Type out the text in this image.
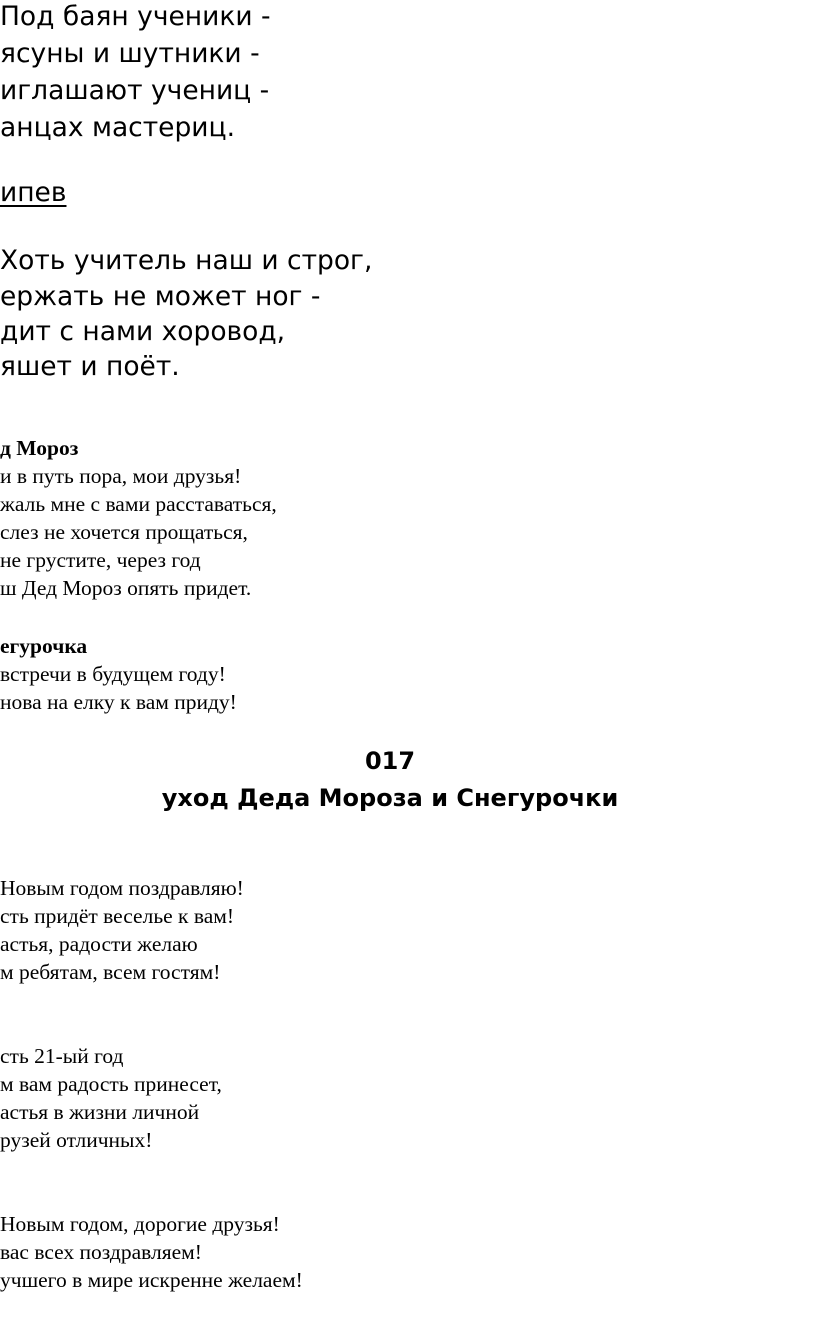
Под баян ученики -
ясуны и шутники -
иглашают учениц -
анцах мастериц.
ипев
Хоть учитель наш и строг,
ержать не может ног -
дит с нами хоровод,
яшет и поёт.
д Мороз
и в путь пора, мои друзья!
жаль мне с вами расставаться,
слез не хочется прощаться,
не грустите, через год
ш Дед Мороз опять придет.
егурочка
встречи в будущем году!
нова на елку к вам приду!
017
уход Деда Мороза и Снегурочки
Новым годом поздравляю!
сть придёт веселье к вам!
астья, радости желаю
м ребятам, всем гостям!
сть 21-ый год
м вам радость принесет,
астья в жизни личной
рузей отличных!
Новым годом, дорогие друзья!
вас всех поздравляем!
учшего в мире искренне желаем!
